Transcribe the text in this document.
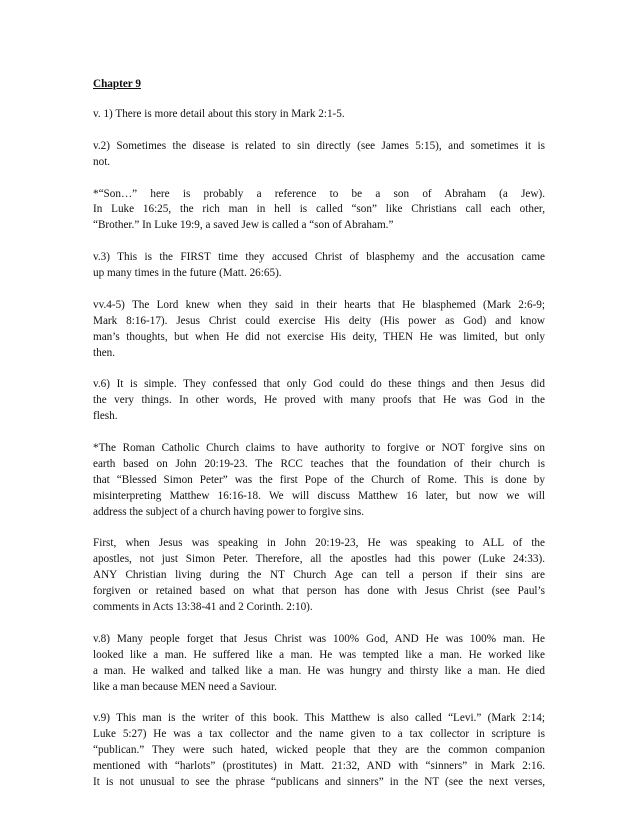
Chapter 9
v. 1) There is more detail about this story in Mark 2:1-5.
v.2) Sometimes the disease is related to sin directly (see James 5:15), and sometimes it is
not.
*“Son…” here is probably a reference to be a son of Abraham (a Jew).
In Luke 16:25, the rich man in hell is called “son” like Christians call each other,
“Brother.” In Luke 19:9, a saved Jew is called a “son of Abraham.”
v.3) This is the FIRST time they accused Christ of blasphemy and the accusation came
up many times in the future (Matt. 26:65).
vv.4-5) The Lord knew when they said in their hearts that He blasphemed (Mark 2:6-9;
Mark 8:16-17). Jesus Christ could exercise His deity (His power as God) and know
man’s thoughts, but when He did not exercise His deity, THEN He was limited, but only
then.
v.6) It is simple. They confessed that only God could do these things and then Jesus did
the very things. In other words, He proved with many proofs that He was God in the
flesh.
*The Roman Catholic Church claims to have authority to forgive or NOT forgive sins on
earth based on John 20:19-23. The RCC teaches that the foundation of their church is
that “Blessed Simon Peter” was the first Pope of the Church of Rome. This is done by
misinterpreting Matthew 16:16-18. We will discuss Matthew 16 later, but now we will
address the subject of a church having power to forgive sins.
First, when Jesus was speaking in John 20:19-23, He was speaking to ALL of the
apostles, not just Simon Peter. Therefore, all the apostles had this power (Luke 24:33).
ANY Christian living during the NT Church Age can tell a person if their sins are
forgiven or retained based on what that person has done with Jesus Christ (see Paul’s
comments in Acts 13:38-41 and 2 Corinth. 2:10).
v.8) Many people forget that Jesus Christ was 100% God, AND He was 100% man. He
looked like a man. He suffered like a man. He was tempted like a man. He worked like
a man. He walked and talked like a man. He was hungry and thirsty like a man. He died
like a man because MEN need a Saviour.
v.9) This man is the writer of this book. This Matthew is also called “Levi.” (Mark 2:14;
Luke 5:27) He was a tax collector and the name given to a tax collector in scripture is
“publican.” They were such hated, wicked people that they are the common companion
mentioned with “harlots” (prostitutes) in Matt. 21:32, AND with “sinners” in Mark 2:16.
It is not unusual to see the phrase “publicans and sinners” in the NT (see the next verses,
